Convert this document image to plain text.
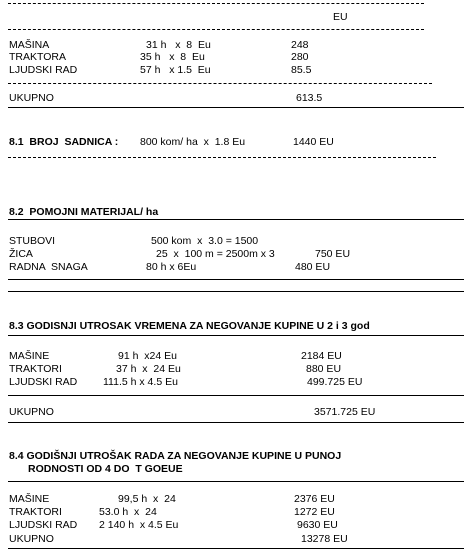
EU
MAŠINA	31 h   x  8  Eu	248
TRAKTORA	35 h   x  8  Eu	280
LJUDSKI RAD	57 h   x 1.5  Eu	85.5
UKUPNO	613.5
8.1  BROJ  SADNICA : 800 kom/ ha  x  1.8 Eu	1440 EU
8.2  POMOJNI MATERIJAL/ ha
STUBOVI	500 kom  x  3.0 = 1500
ŽICA	25  x  100 m = 2500m x 3	750 EU
RADNA  SNAGA	80 h x 6Eu	480 EU
8.3 GODISNJI UTROSAK VREMENA ZA NEGOVANJE KUPINE U 2 i 3 god
MAŠINE	91 h  x24 Eu	2184 EU
TRAKTORI	37 h  x  24 Eu	880 EU
LJUDSKI RAD 111.5 h x 4.5 Eu	499.725 EU
UKUPNO	3571.725 EU
8.4 GODIŠNJI UTROŠAK RADA ZA NEGOVANJE KUPINE U PUNOJ
RODNOSTI OD 4 DO  T GOEUE
MAŠINE	99,5 h  x  24	2376 EU
TRAKTORI	53.0 h  x  24	1272 EU
LJUDSKI RAD 2 140 h  x 4.5 Eu	9630 EU
UKUPNO	13278 EU
